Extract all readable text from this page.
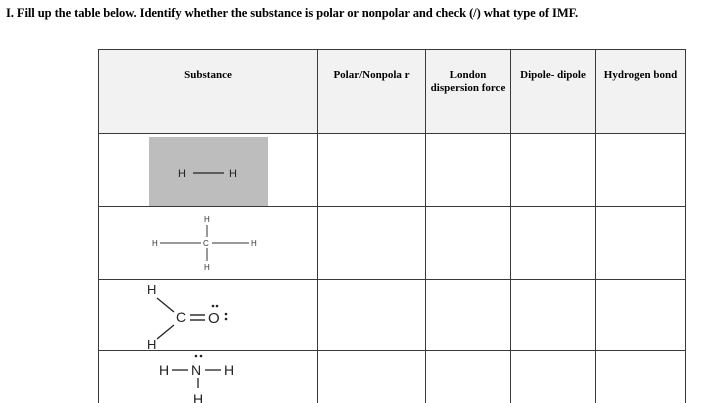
I. Fill up the table below. Identify whether the substance is polar or nonpolar and check (/) what type of IMF.
Substance	Polar/Nonpola r	London dispersion force	Dipole- dipole	Hydrogen bond

H H				

H
H C H
H				

H
C O
H				

H N H
H				
